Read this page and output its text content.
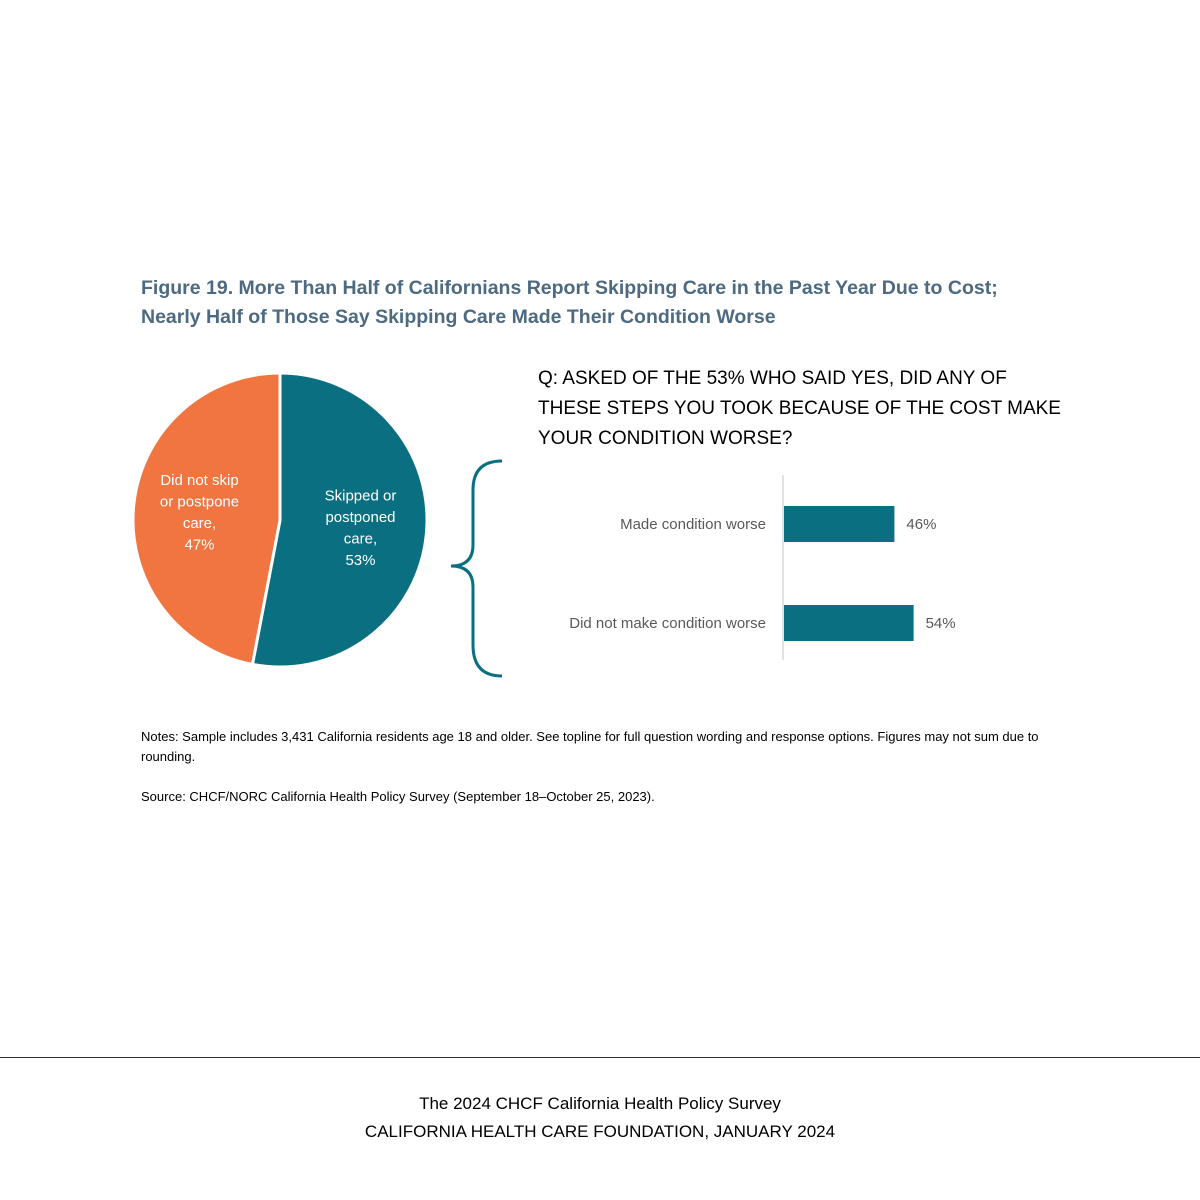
Figure 19. More Than Half of Californians Report Skipping Care in the Past Year Due to Cost;
Nearly Half of Those Say Skipping Care Made Their Condition Worse
Skipped or postponed care, 53%
Did not skip or postpone care, 47%
Q: ASKED OF THE 53% WHO SAID YES, DID ANY OF
THESE STEPS YOU TOOK BECAUSE OF THE COST MAKE
YOUR CONDITION WORSE?
Made condition worse	46%
Did not make condition worse	54%
Notes: Sample includes 3,431 California residents age 18 and older. See topline for full question wording and response options. Figures may not sum due to rounding.
Source: CHCF/NORC California Health Policy Survey (September 18–October 25, 2023).
The 2024 CHCF California Health Policy Survey
CALIFORNIA HEALTH CARE FOUNDATION, JANUARY 2024
